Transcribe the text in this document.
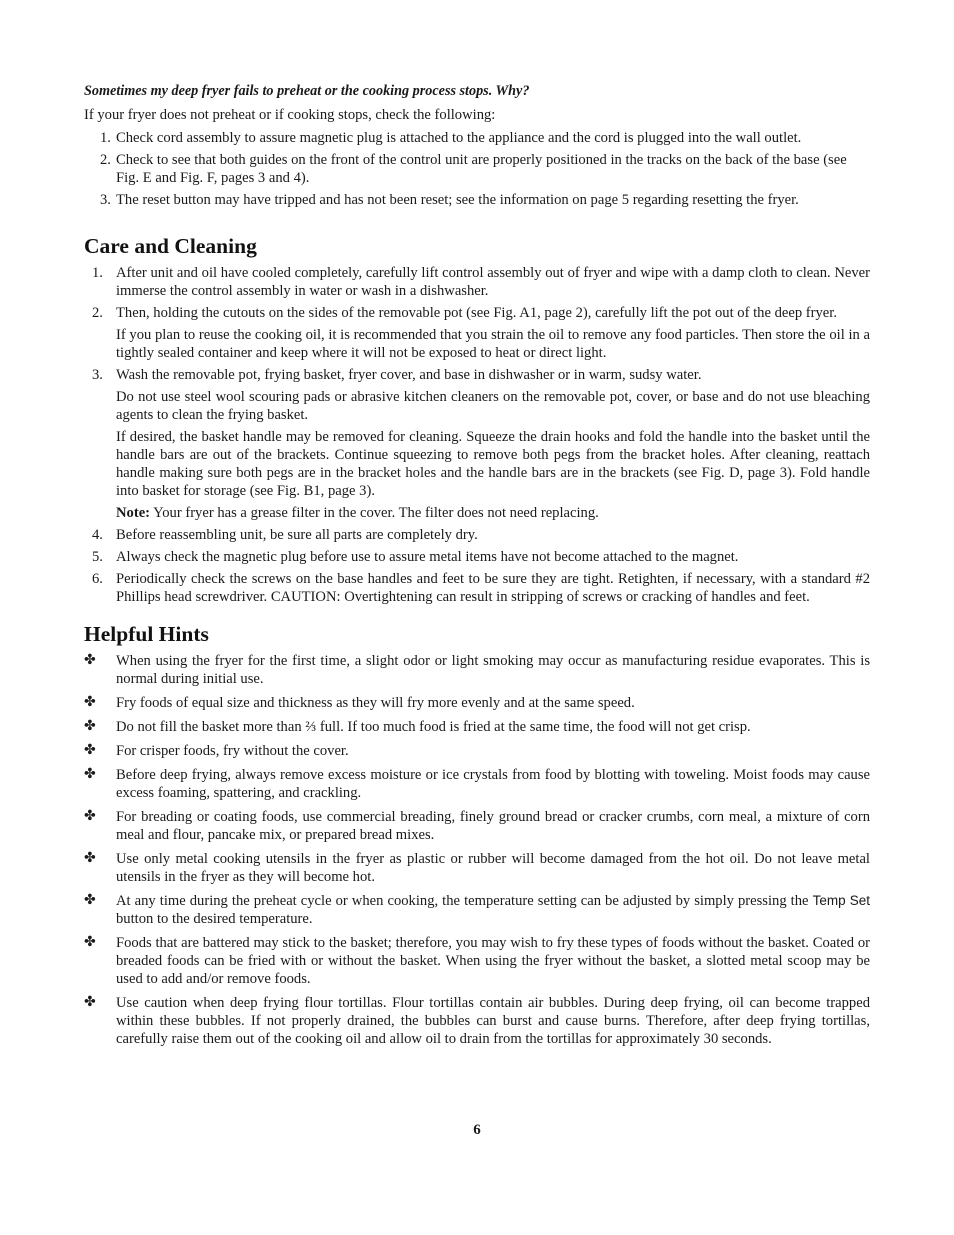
Sometimes my deep fryer fails to preheat or the cooking process stops. Why?

If your fryer does not preheat or if cooking stops, check the following:

1. Check cord assembly to assure magnetic plug is attached to the appliance and the cord is plugged into the wall outlet.
2. Check to see that both guides on the front of the control unit are properly positioned in the tracks on the back of the base (see Fig. E and Fig. F, pages 3 and 4).
3. The reset button may have tripped and has not been reset; see the information on page 5 regarding resetting the fryer.
Care and Cleaning
1. After unit and oil have cooled completely, carefully lift control assembly out of fryer and wipe with a damp cloth to clean. Never immerse the control assembly in water or wash in a dishwasher.

2. Then, holding the cutouts on the sides of the removable pot (see Fig. A1, page 2), carefully lift the pot out of the deep fryer.

If you plan to reuse the cooking oil, it is recommended that you strain the oil to remove any food particles. Then store the oil in a tightly sealed container and keep where it will not be exposed to heat or direct light.

3. Wash the removable pot, frying basket, fryer cover, and base in dishwasher or in warm, sudsy water.

Do not use steel wool scouring pads or abrasive kitchen cleaners on the removable pot, cover, or base and do not use bleaching agents to clean the frying basket.

If desired, the basket handle may be removed for cleaning. Squeeze the drain hooks and fold the handle into the basket until the handle bars are out of the brackets. Continue squeezing to remove both pegs from the bracket holes. After cleaning, reattach handle making sure both pegs are in the bracket holes and the handle bars are in the brackets (see Fig. D, page 3). Fold handle into basket for storage (see Fig. B1, page 3).

Note: Your fryer has a grease filter in the cover. The filter does not need replacing.

4. Before reassembling unit, be sure all parts are completely dry.

5. Always check the magnetic plug before use to assure metal items have not become attached to the magnet.

6. Periodically check the screws on the base handles and feet to be sure they are tight. Retighten, if necessary, with a standard #2 Phillips head screwdriver. CAUTION: Overtightening can result in stripping of screws or cracking of handles and feet.

Helpful Hints
✤ When using the fryer for the first time, a slight odor or light smoking may occur as manufacturing residue evaporates. This is normal during initial use.
✤ Fry foods of equal size and thickness as they will fry more evenly and at the same speed.
✤ Do not fill the basket more than ⅔ full. If too much food is fried at the same time, the food will not get crisp.
✤ For crisper foods, fry without the cover.
✤ Before deep frying, always remove excess moisture or ice crystals from food by blotting with toweling. Moist foods may cause excess foaming, spattering, and crackling.
✤ For breading or coating foods, use commercial breading, finely ground bread or cracker crumbs, corn meal, a mixture of corn meal and flour, pancake mix, or prepared bread mixes.
✤ Use only metal cooking utensils in the fryer as plastic or rubber will become damaged from the hot oil. Do not leave metal utensils in the fryer as they will become hot.
✤ At any time during the preheat cycle or when cooking, the temperature setting can be adjusted by simply pressing the Temp Set button to the desired temperature.
✤ Foods that are battered may stick to the basket; therefore, you may wish to fry these types of foods without the basket. Coated or breaded foods can be fried with or without the basket. When using the fryer without the basket, a slotted metal scoop may be used to add and/or remove foods.
✤ Use caution when deep frying flour tortillas. Flour tortillas contain air bubbles. During deep frying, oil can become trapped within these bubbles. If not properly drained, the bubbles can burst and cause burns. Therefore, after deep frying tortillas, carefully raise them out of the cooking oil and allow oil to drain from the tortillas for approximately 30 seconds.
6
